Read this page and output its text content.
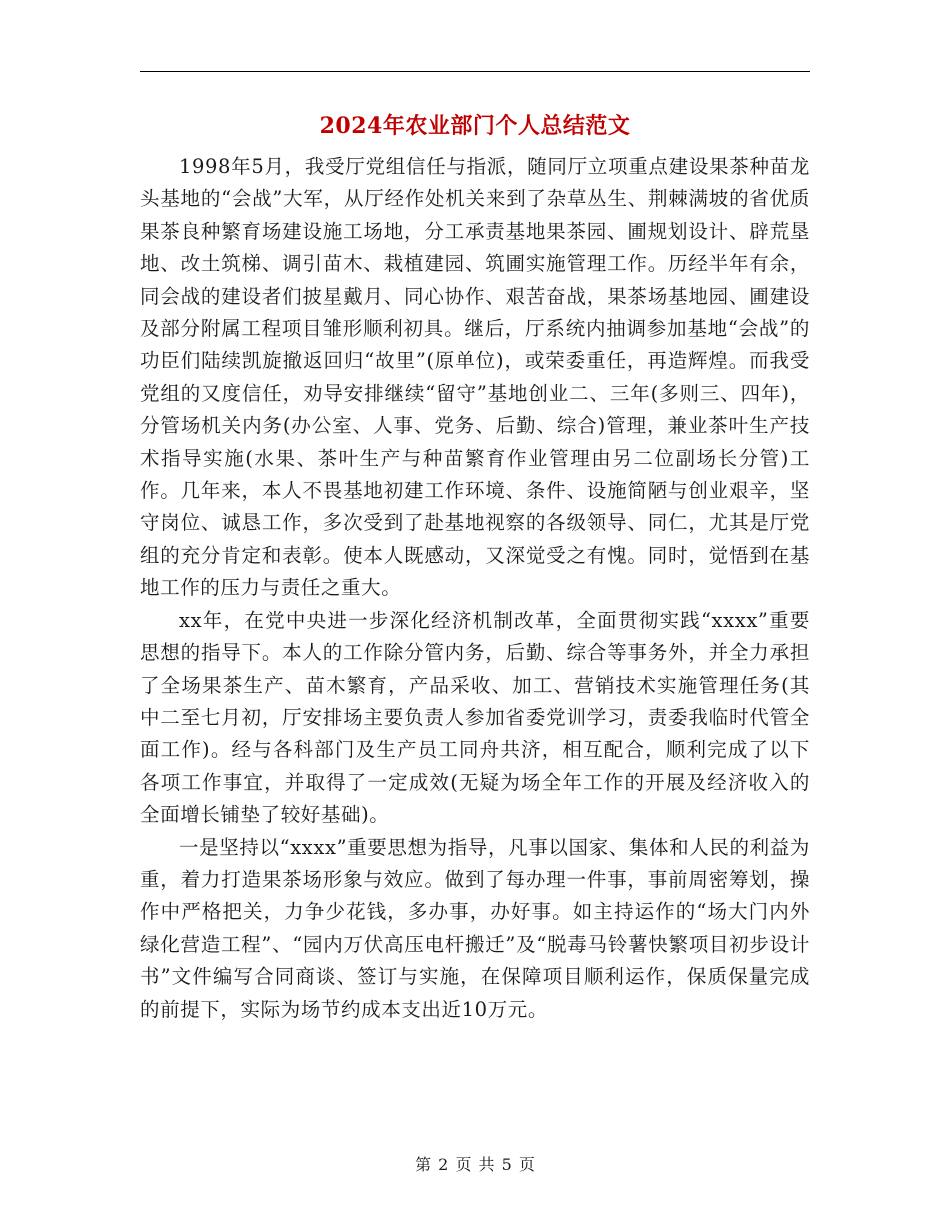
2024年农业部门个人总结范文

1998年5月，我受厅党组信任与指派，随同厅立项重点建设果茶种苗龙头基地的“会战”大军，从厅经作处机关来到了杂草丛生、荆棘满坡的省优质果茶良种繁育场建设施工场地，分工承责基地果茶园、圃规划设计、辟荒垦地、改土筑梯、调引苗木、栽植建园、筑圃实施管理工作。历经半年有余，同会战的建设者们披星戴月、同心协作、艰苦奋战，果茶场基地园、圃建设及部分附属工程项目雏形顺利初具。继后，厅系统内抽调参加基地“会战”的功臣们陆续凯旋撤返回归“故里”(原单位)，或荣委重任，再造辉煌。而我受党组的又度信任，劝导安排继续“留守”基地创业二、三年(多则三、四年)，分管场机关内务(办公室、人事、党务、后勤、综合)管理，兼业茶叶生产技术指导实施(水果、茶叶生产与种苗繁育作业管理由另二位副场长分管)工作。几年来，本人不畏基地初建工作环境、条件、设施简陋与创业艰辛，坚守岗位、诚恳工作，多次受到了赴基地视察的各级领导、同仁，尤其是厅党组的充分肯定和表彰。使本人既感动，又深觉受之有愧。同时，觉悟到在基地工作的压力与责任之重大。

xx年，在党中央进一步深化经济机制改革，全面贯彻实践“xxxx”重要思想的指导下。本人的工作除分管内务，后勤、综合等事务外，并全力承担了全场果茶生产、苗木繁育，产品采收、加工、营销技术实施管理任务(其中二至七月初，厅安排场主要负责人参加省委党训学习，责委我临时代管全面工作)。经与各科部门及生产员工同舟共济，相互配合，顺利完成了以下各项工作事宜，并取得了一定成效(无疑为场全年工作的开展及经济收入的全面增长铺垫了较好基础)。

一是坚持以“xxxx”重要思想为指导，凡事以国家、集体和人民的利益为重，着力打造果茶场形象与效应。做到了每办理一件事，事前周密筹划，操作中严格把关，力争少花钱，多办事，办好事。如主持运作的“场大门内外绿化营造工程”、“园内万伏高压电杆搬迁”及“脱毒马铃薯快繁项目初步设计书”文件编写合同商谈、签订与实施，在保障项目顺利运作，保质保量完成的前提下，实际为场节约成本支出近10万元。

第 2 页 共 5 页
